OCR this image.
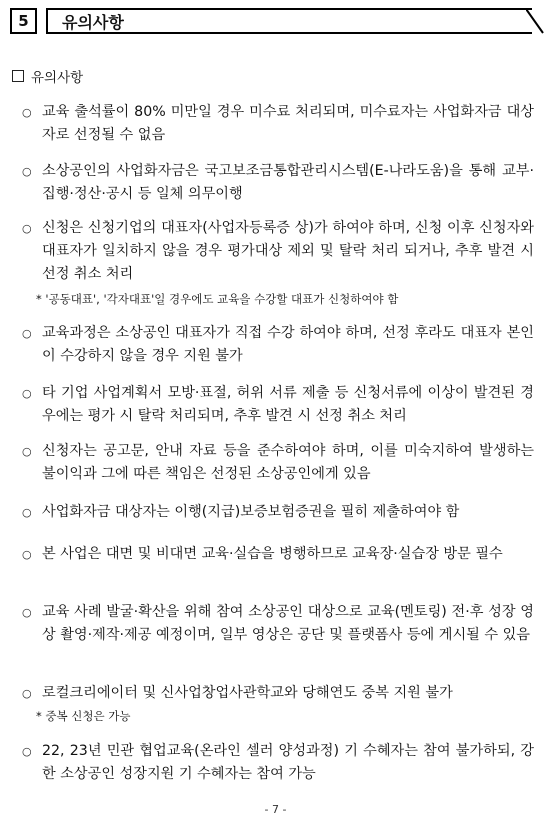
5 유의사항
유의사항
○ 교육 출석률이 80% 미만일 경우 미수료 처리되며, 미수료자는 사업화자금 대상자로 선정될 수 없음
○ 소상공인의 사업화자금은 국고보조금통합관리시스템(E-나라도움)을 통해 교부·집행·정산·공시 등 일체 의무이행
○ 신청은 신청기업의 대표자(사업자등록증 상)가 하여야 하며, 신청 이후 신청자와 대표자가 일치하지 않을 경우 평가대상 제외 및 탈락 처리 되거나, 추후 발견 시 선정 취소 처리
* '공동대표', '각자대표'일 경우에도 교육을 수강할 대표가 신청하여야 함
○ 교육과정은 소상공인 대표자가 직접 수강 하여야 하며, 선정 후라도 대표자 본인이 수강하지 않을 경우 지원 불가
○ 타 기업 사업계획서 모방·표절, 허위 서류 제출 등 신청서류에 이상이 발견된 경우에는 평가 시 탈락 처리되며, 추후 발견 시 선정 취소 처리
○ 신청자는 공고문, 안내 자료 등을 준수하여야 하며, 이를 미숙지하여 발생하는 불이익과 그에 따른 책임은 선정된 소상공인에게 있음
○ 사업화자금 대상자는 이행(지급)보증보험증권을 필히 제출하여야 함
○ 본 사업은 대면 및 비대면 교육·실습을 병행하므로 교육장·실습장 방문 필수
○ 교육 사례 발굴·확산을 위해 참여 소상공인 대상으로 교육(멘토링) 전·후 성장 영상 촬영·제작·제공 예정이며, 일부 영상은 공단 및 플랫폼사 등에 게시될 수 있음
○ 로컬크리에이터 및 신사업창업사관학교와 당해연도 중복 지원 불가
* 중복 신청은 가능
○ 22, 23년 민관 협업교육(온라인 셀러 양성과정) 기 수혜자는 참여 불가하되, 강한 소상공인 성장지원 기 수혜자는 참여 가능
- 7 -
